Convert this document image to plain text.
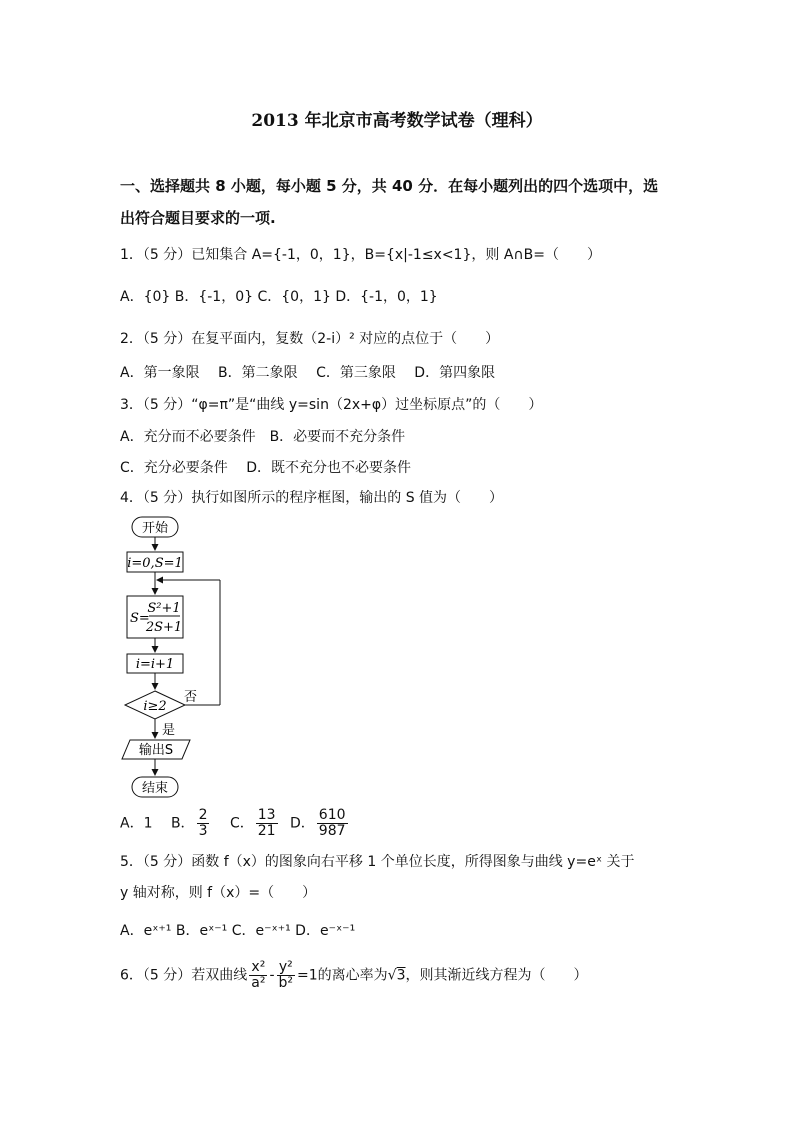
2013 年北京市高考数学试卷（理科）
一、选择题共 8 小题，每小题 5 分，共 40 分．在每小题列出的四个选项中，选
出符合题目要求的一项.
1．（5 分）已知集合 A={-1，0，1}，B={x|-1≤x<1}，则 A∩B=（　　）
A．{0} B．{-1，0} C．{0，1} D．{-1，0，1}
2．（5 分）在复平面内，复数（2-i）² 对应的点位于（　　）
A．第一象限　 B．第二象限　 C．第三象限　 D．第四象限
3．（5 分）“φ=π”是“曲线 y=sin（2x+φ）过坐标原点”的（　　）
A．充分而不必要条件　B．必要而不充分条件
C．充分必要条件　 D．既不充分也不必要条件
4．（5 分）执行如图所示的程序框图，输出的 S 值为（　　）
开始
i=0,S=1
S=
S²+1
2S+1
i=i+1
i≥2
否
是
输出S
结束
A．1 B． $\frac{2}{3}$ C． $\frac{13}{21}$ D． $\frac{610}{987}$
5．（5 分）函数 f（x）的图象向右平移 1 个单位长度，所得图象与曲线 y=eˣ 关于
y 轴对称，则 f（x）=（　　）
A．eˣ⁺¹ B．eˣ⁻¹ C．e⁻ˣ⁺¹ D．e⁻ˣ⁻¹
6．（5 分）若双曲线 $\frac{\text{x²}}{\text{a²}} - \frac{\text{y²}}{\text{b²}} =1$的离心率为√3，则其渐近线方程为（　　）
